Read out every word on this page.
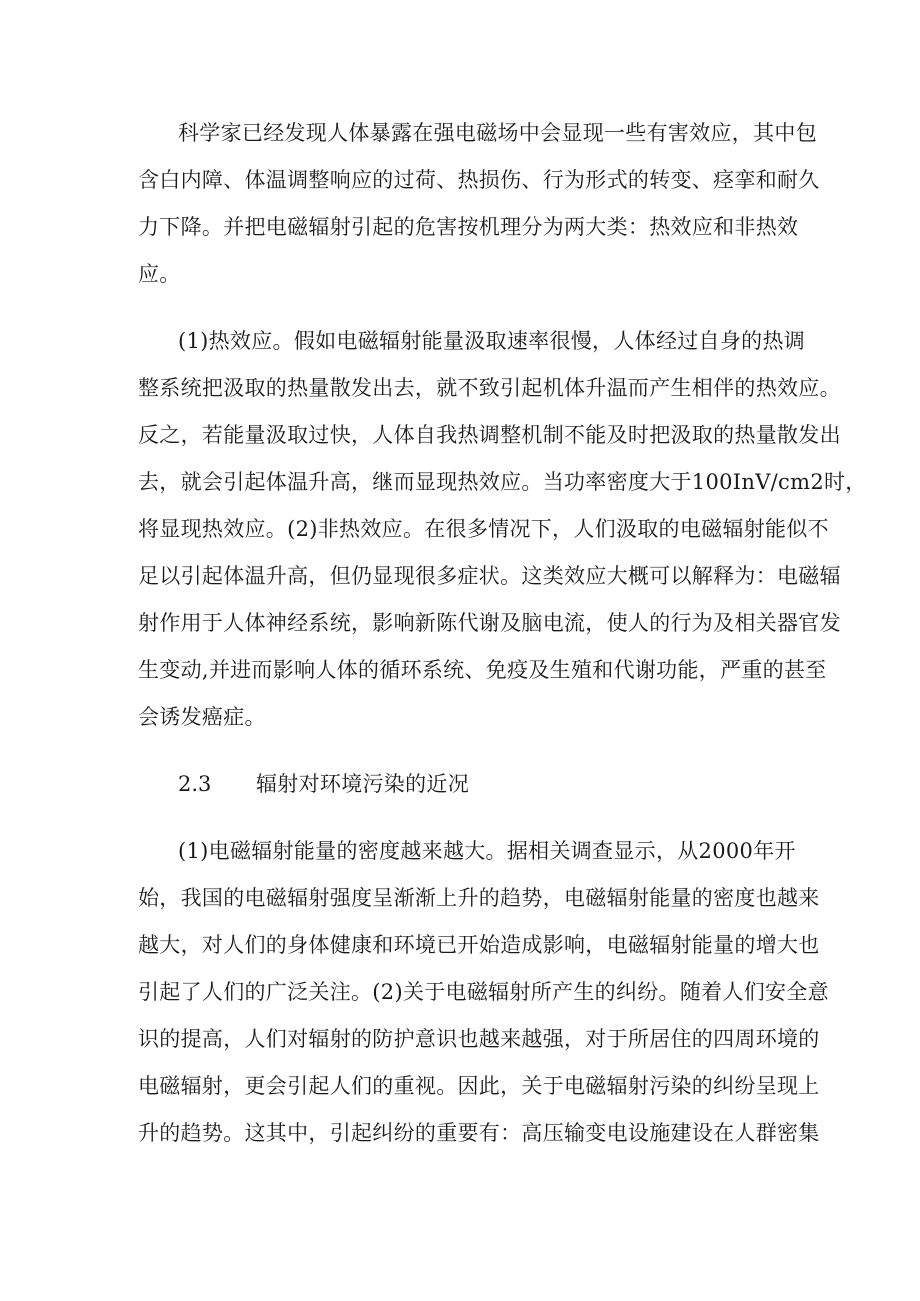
科学家已经发现人体暴露在强电磁场中会显现一些有害效应，其中包
含白内障、体温调整响应的过荷、热损伤、行为形式的转变、痉挛和耐久
力下降。并把电磁辐射引起的危害按机理分为两大类：热效应和非热效
应。
(1)热效应。假如电磁辐射能量汲取速率很慢，人体经过自身的热调
整系统把汲取的热量散发出去，就不致引起机体升温而产生相伴的热效应。
反之，若能量汲取过快，人体自我热调整机制不能及时把汲取的热量散发出
去，就会引起体温升高，继而显现热效应。当功率密度大于100InV/cm2时，
将显现热效应。(2)非热效应。在很多情况下，人们汲取的电磁辐射能似不
足以引起体温升高，但仍显现很多症状。这类效应大概可以解释为：电磁辐
射作用于人体神经系统，影响新陈代谢及脑电流，使人的行为及相关器官发
生变动,并进而影响人体的循环系统、免疫及生殖和代谢功能，严重的甚至
会诱发癌症。
2.3 辐射对环境污染的近况
(1)电磁辐射能量的密度越来越大。据相关调查显示，从2000年开
始，我国的电磁辐射强度呈渐渐上升的趋势，电磁辐射能量的密度也越来
越大，对人们的身体健康和环境已开始造成影响，电磁辐射能量的增大也
引起了人们的广泛关注。(2)关于电磁辐射所产生的纠纷。随着人们安全意
识的提高，人们对辐射的防护意识也越来越强，对于所居住的四周环境的
电磁辐射，更会引起人们的重视。因此，关于电磁辐射污染的纠纷呈现上
升的趋势。这其中，引起纠纷的重要有：高压输变电设施建设在人群密集
